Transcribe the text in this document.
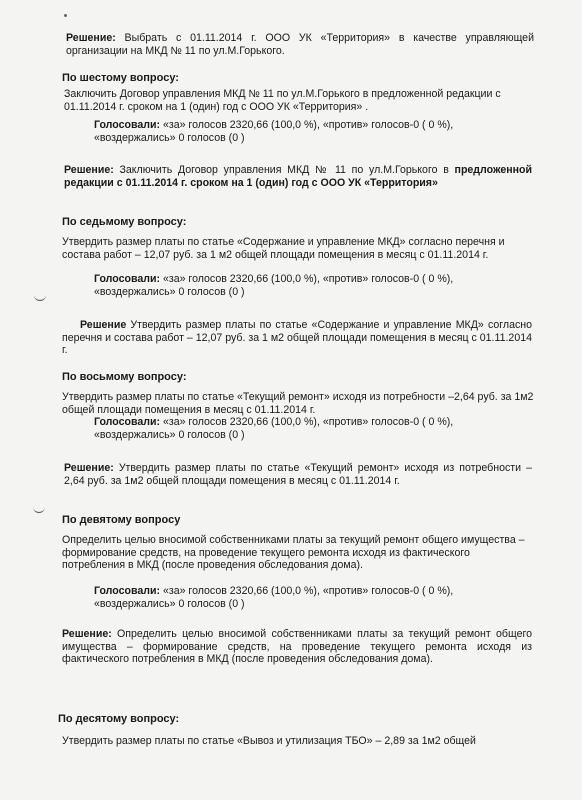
Решение: Выбрать с 01.11.2014 г. ООО УК «Территория» в качестве управляющей организации на МКД № 11 по ул.М.Горького.
По шестому вопросу:
Заключить Договор управления МКД № 11 по ул.М.Горького в предложенной редакции с 01.11.2014 г. сроком на 1 (один) год с ООО УК «Территория» .
Голосовали: «за» голосов 2320,66 (100,0 %), «против» голосов-0 ( 0 %), «воздержались» 0 голосов (0 )
Решение: Заключить Договор управления МКД № 11 по ул.М.Горького в предложенной редакции с 01.11.2014 г. сроком на 1 (один) год с ООО УК «Территория»
По седьмому вопросу:
Утвердить размер платы по статье «Содержание и управление МКД» согласно перечня и состава работ – 12,07 руб. за 1 м2 общей площади помещения в месяц с 01.11.2014 г.
Голосовали: «за» голосов 2320,66 (100,0 %), «против» голосов-0 ( 0 %), «воздержались» 0 голосов (0 )
Решение Утвердить размер платы по статье «Содержание и управление МКД» согласно перечня и состава работ – 12,07 руб. за 1 м2 общей площади помещения в месяц с 01.11.2014 г.
По восьмому вопросу:
Утвердить размер платы по статье «Текущий ремонт» исходя из потребности –2,64 руб. за 1м2 общей площади помещения в месяц с 01.11.2014 г.
Голосовали: «за» голосов 2320,66 (100,0 %), «против» голосов-0 ( 0 %), «воздержались» 0 голосов (0 )
Решение: Утвердить размер платы по статье «Текущий ремонт» исходя из потребности – 2,64 руб. за 1м2 общей площади помещения в месяц с 01.11.2014 г.
По девятому вопросу
Определить целью вносимой собственниками платы за текущий ремонт общего имущества – формирование средств, на проведение текущего ремонта исходя из фактического потребления в МКД (после проведения обследования дома).
Голосовали: «за» голосов 2320,66 (100,0 %), «против» голосов-0 ( 0 %), «воздержались» 0 голосов (0 )
Решение: Определить целью вносимой собственниками платы за текущий ремонт общего имущества – формирование средств, на проведение текущего ремонта исходя из фактического потребления в МКД (после проведения обследования дома).
По десятому вопросу:
Утвердить размер платы по статье «Вывоз и утилизация ТБО» – 2,89 за 1м2 общей
